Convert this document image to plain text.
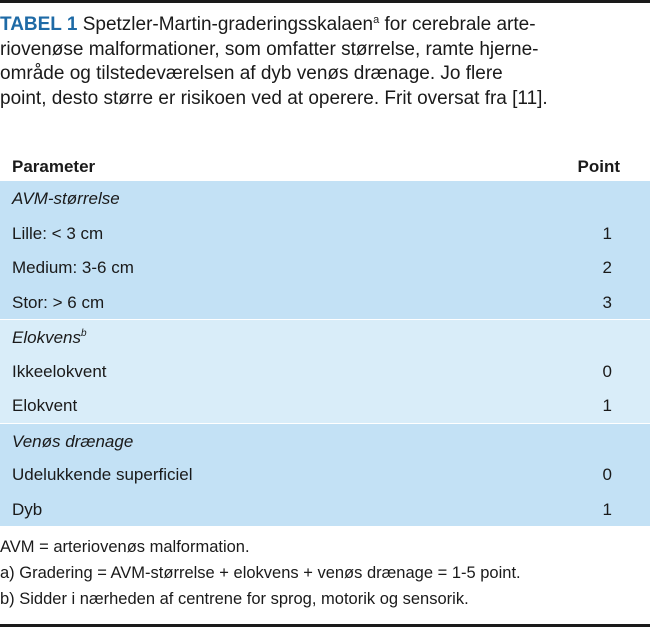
TABEL 1 Spetzler-Martin-graderingsskalaen$^a$ for cerebrale arte-
riovenøse malformationer, som omfatter størrelse, ramte hjerne-
område og tilstedeværelsen af dyb venøs drænage. Jo flere
point, desto større er risikoen ved at operere. Frit oversat fra [11].
Parameter	Point
AVM-størrelse
Lille: < 3 cm	1
Medium: 3-6 cm	2
Stor: > 6 cm	3
Elokvens$^b$
Ikkeelokvent	0
Elokvent	1
Venøs drænage
Udelukkende superficiel	0
Dyb	1
AVM = arteriovenøs malformation.
a) Gradering = AVM-størrelse + elokvens + venøs drænage = 1-5 point.
b) Sidder i nærheden af centrene for sprog, motorik og sensorik.
